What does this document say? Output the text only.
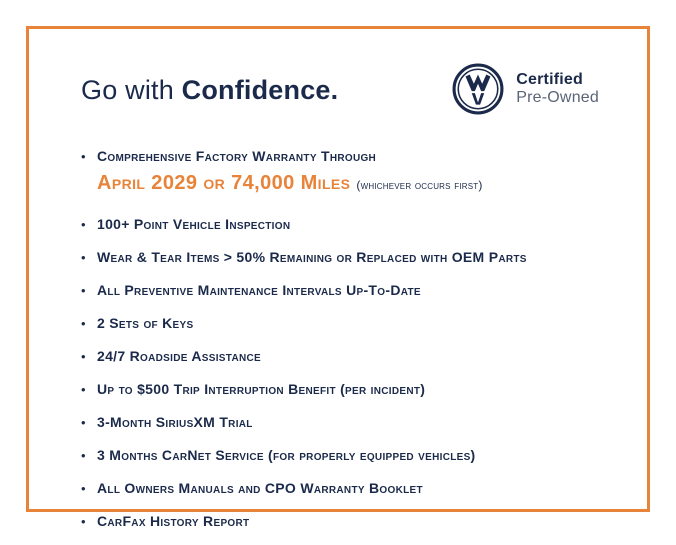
Go with Confidence.	Certified
Pre-Owned
• Comprehensive Factory Warranty Through
April 2029 or 74,000 Miles (whichever occurs first)
• 100+ Point Vehicle Inspection
• Wear & Tear Items > 50% Remaining or Replaced with OEM Parts
• All Preventive Maintenance Intervals Up-To-Date
• 2 Sets of Keys
• 24/7 Roadside Assistance
• Up to $500 Trip Interruption Benefit (per incident)
• 3-Month SiriusXM Trial
• 3 Months CarNet Service (for properly equipped vehicles)
• All Owners Manuals and CPO Warranty Booklet
• CarFax History Report
